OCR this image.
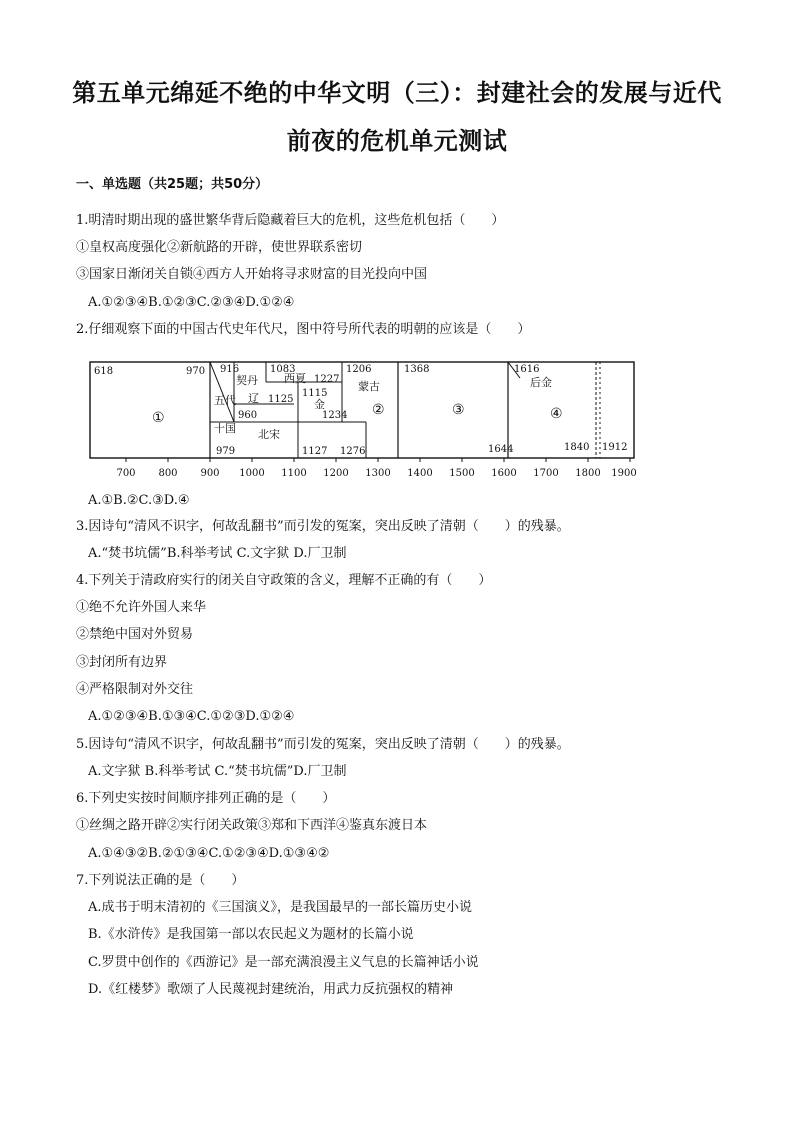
第五单元绵延不绝的中华文明（三）：封建社会的发展与近代
前夜的危机单元测试
一、单选题（共25题；共50分）
1.明清时期出现的盛世繁华背后隐藏着巨大的危机，这些危机包括（　　）
①皇权高度强化②新航路的开辟，使世界联系密切
③国家日渐闭关自锁④西方人开始将寻求财富的目光投向中国
A.①②③④B.①②③C.②③④D.①②④
2.仔细观察下面的中国古代史年代尺，图中符号所代表的明朝的应该是（　　）
618	970 916	1083
1227
1206	1368	1616
960
1125
1115
1234
979	1127 1276	1644	1840 1912
契丹 西夏
蒙古
辽	金
五代
十国 北宋
后金
①	②	③	④
700 800 900 1000 1100 1200 1300 1400 1500 1600 1700 1800 1900
A.①B.②C.③D.④
3.因诗句“清风不识字，何故乱翻书”而引发的冤案，突出反映了清朝（　　）的残暴。
A.“焚书坑儒”B.科举考试 C.文字狱 D.厂卫制
4.下列关于清政府实行的闭关自守政策的含义，理解不正确的有（　　）
①绝不允许外国人来华
②禁绝中国对外贸易
③封闭所有边界
④严格限制对外交往
A.①②③④B.①③④C.①②③D.①②④
5.因诗句“清风不识字，何故乱翻书”而引发的冤案，突出反映了清朝（　　）的残暴。
A.文字狱 B.科举考试 C.“焚书坑儒”D.厂卫制
6.下列史实按时间顺序排列正确的是（　　）
①丝绸之路开辟②实行闭关政策③郑和下西洋④鉴真东渡日本
A.①④③②B.②①③④C.①②③④D.①③④②
7.下列说法正确的是（　　）
A.成书于明末清初的《三国演义》，是我国最早的一部长篇历史小说
B.《水浒传》是我国第一部以农民起义为题材的长篇小说
C.罗贯中创作的《西游记》是一部充满浪漫主义气息的长篇神话小说
D.《红楼梦》歌颂了人民蔑视封建统治，用武力反抗强权的精神
